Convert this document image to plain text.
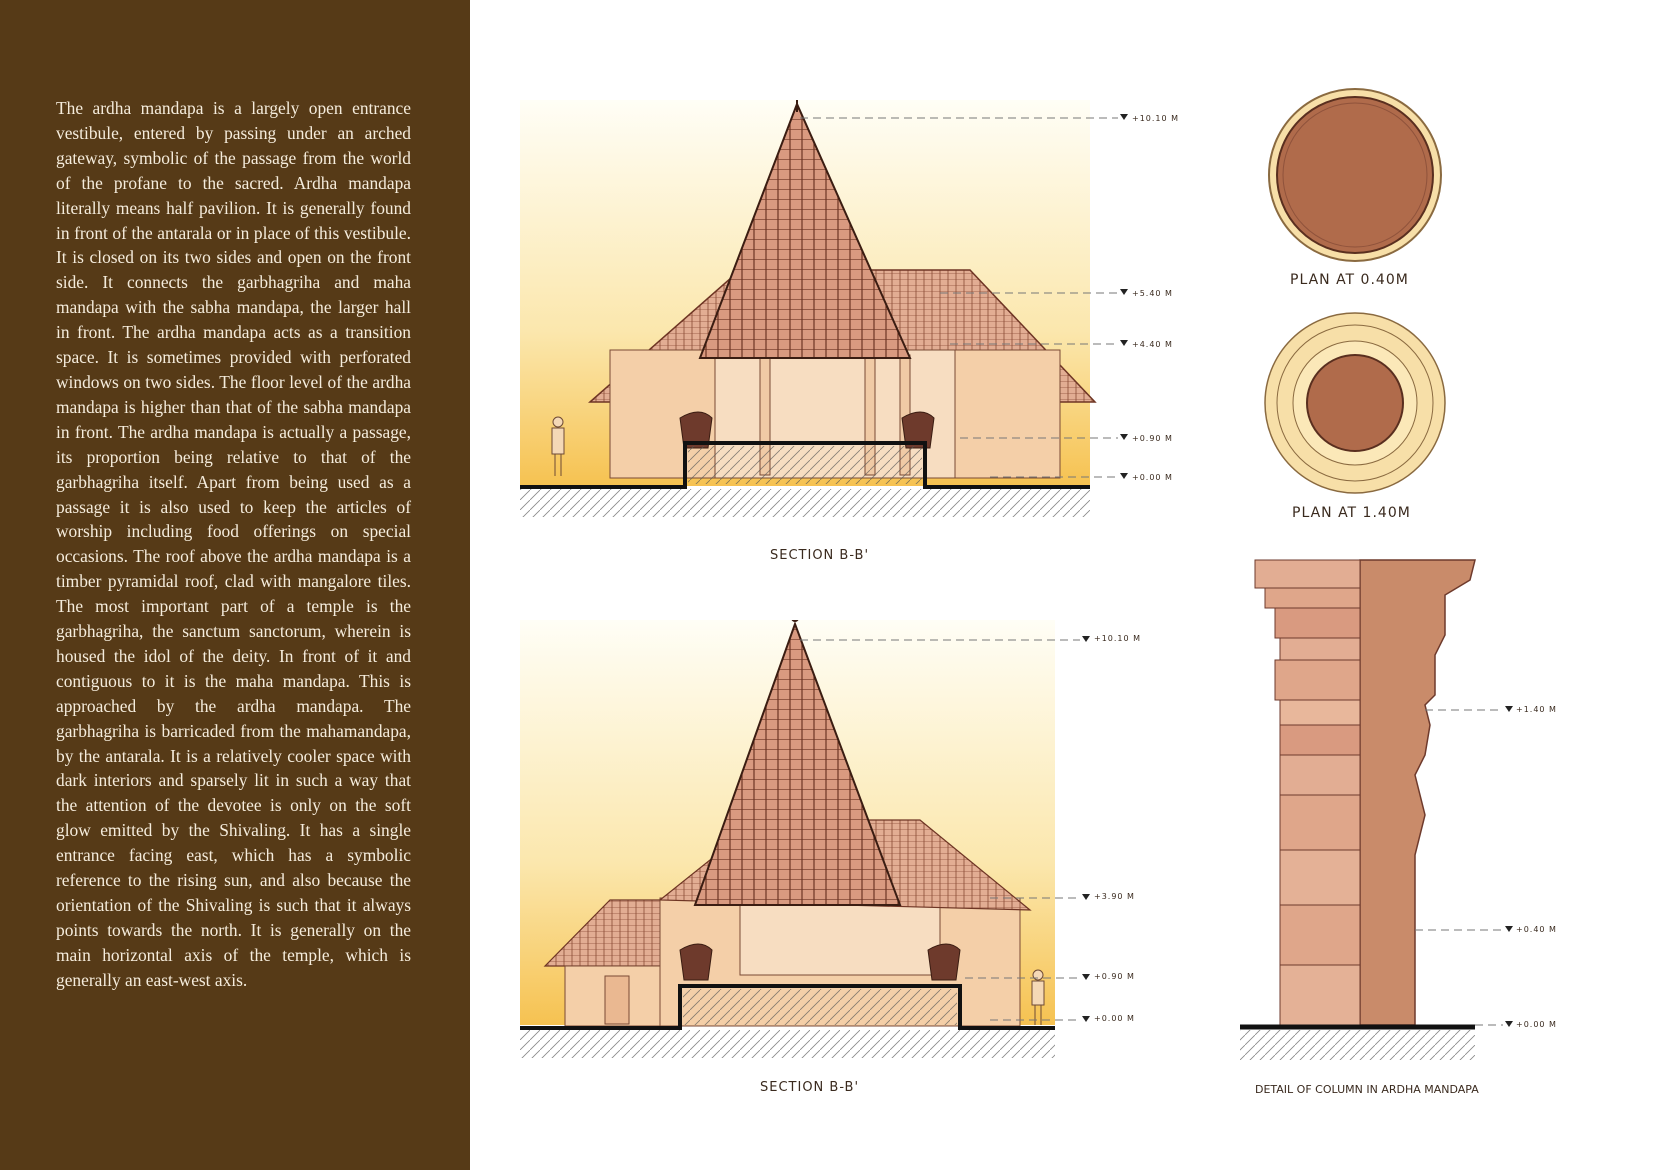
The ardha mandapa is a largely open entrance vestibule, entered by passing under an arched gateway, symbolic of the passage from the world of the profane to the sacred. Ardha mandapa literally means half pavilion. It is generally found in front of the antarala or in place of this vestibule. It is closed on its two sides and open on the front side. It connects the garbhagriha and maha mandapa with the sabha mandapa, the larger hall in front. The ardha mandapa acts as a transition space. It is sometimes provided with perforated windows on two sides. The floor level of the ardha mandapa is higher than that of the sabha mandapa in front. The ardha mandapa is actually a passage, its proportion being relative to that of the garbhagriha itself. Apart from being used as a passage it is also used to keep the articles of worship including food offerings on special occasions. The roof above the ardha mandapa is a timber pyramidal roof, clad with mangalore tiles. The most important part of a temple is the garbhagriha, the sanctum sanctorum, wherein is housed the idol of the deity. In front of it and contiguous to it is the maha mandapa. This is approached by the ardha mandapa. The garbhagriha is barricaded from the mahamandapa, by the antarala. It is a relatively cooler space with dark interiors and sparsely lit in such a way that the attention of the devotee is only on the soft glow emitted by the Shivaling. It has a single entrance facing east, which has a symbolic reference to the rising sun, and also because the orientation of the Shivaling is such that it always points towards the north. It is generally on the main horizontal axis of the temple, which is generally an east-west axis.

+10.10 M
+5.40 M
+4.40 M
+0.90 M
+0.00 M
SECTION B-B'
+10.10 M
+3.90 M
+0.90 M
+0.00 M
SECTION B-B'
PLAN AT 0.40M
PLAN AT 1.40M
+1.40 M
+0.40 M
+0.00 M
DETAIL OF COLUMN IN ARDHA MANDAPA
